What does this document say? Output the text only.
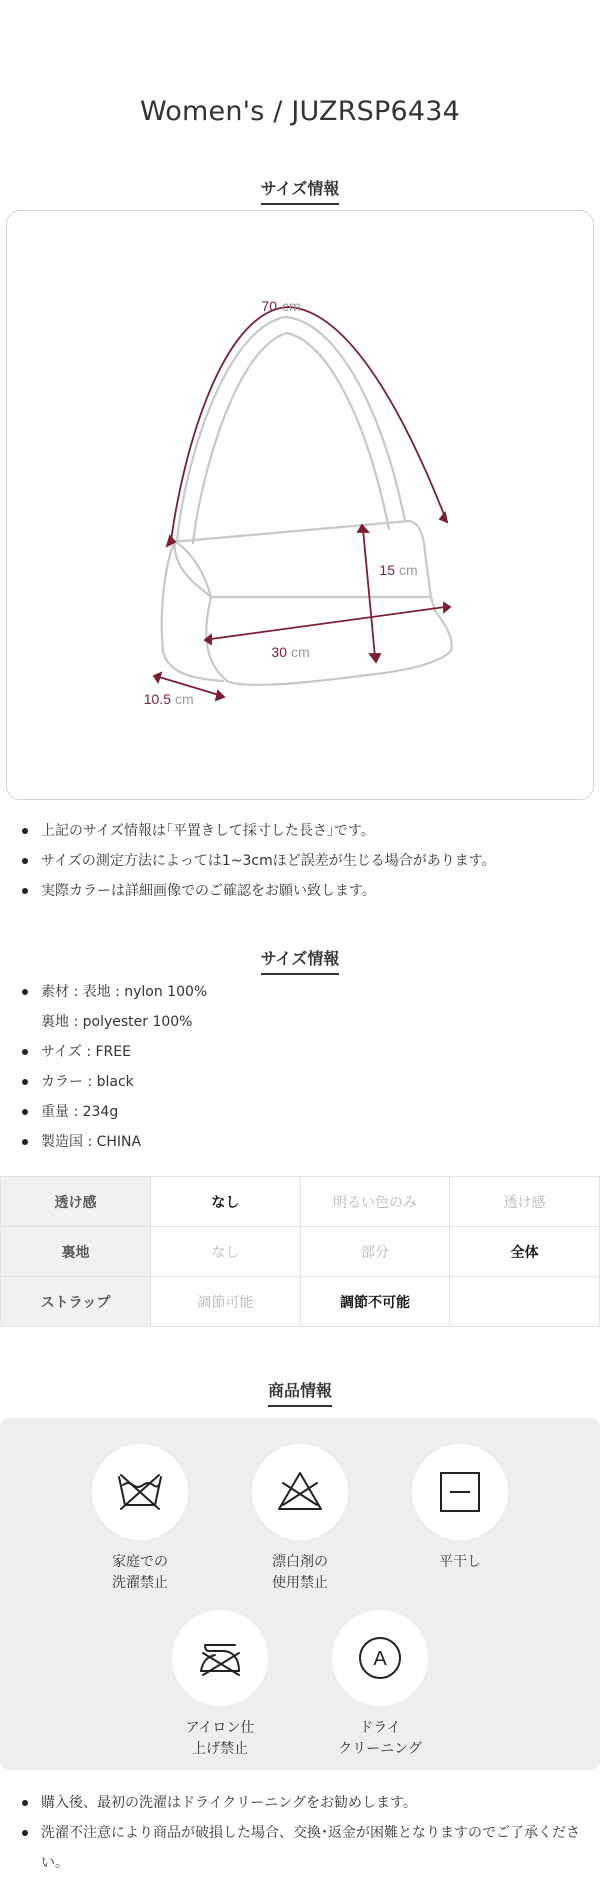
Women's / JUZRSP6434
サイズ情報
70 cm
15 cm
30 cm
10.5 cm
上記のサイズ情報は｢平置きして採寸した長さ｣です。
サイズの測定方法によっては1~3cmほど誤差が生じる場合があります。
実際カラーは詳細画像でのご確認をお願い致します。
サイズ情報
素材 : 表地 : nylon 100%
裏地 : polyester 100%
サイズ : FREE
カラー : black
重量 : 234g
製造国 : CHINA
透け感	なし	明るい色のみ	透け感
裏地	なし	部分	全体
ストラップ	調節可能	調節不可能	
商品情報
家庭での
洗濯禁止
漂白剤の
使用禁止
平干し
アイロン仕
上げ禁止
A
ドライ
クリーニング
購入後、最初の洗濯はドライクリーニングをお勧めします。
洗濯不注意により商品が破損した場合、交換･返金が困難となりますのでご了承ください。
